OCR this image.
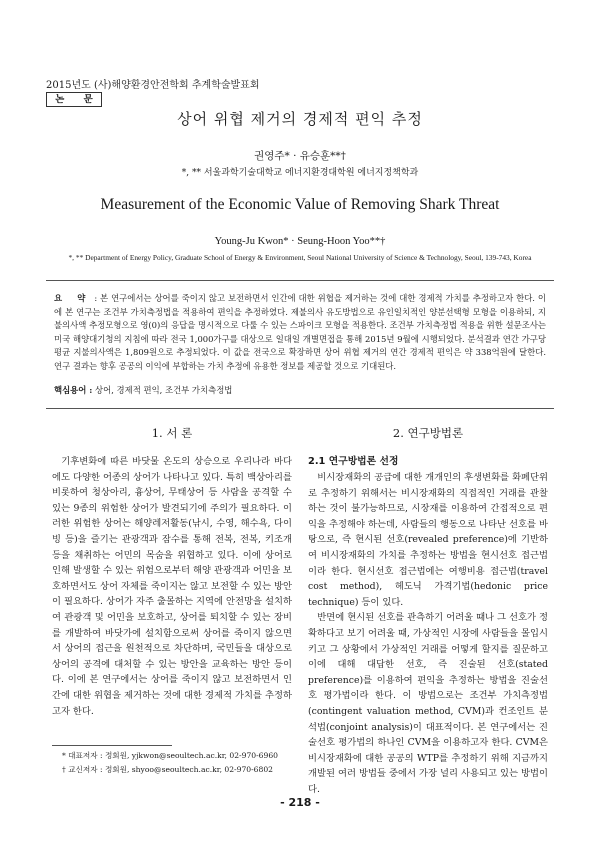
2015년도 (사)해양환경안전학회 추계학술발표회
논 문
상어 위협 제거의 경제적 편익 추정
권영주* · 유승훈**†
*, ** 서울과학기술대학교 에너지환경대학원 에너지정책학과
Measurement of the Economic Value of Removing Shark Threat
Young-Ju Kwon* · Seung-Hoon Yoo**†
*, ** Department of Energy Policy, Graduate School of Energy & Environment, Seoul National University of Science & Technology, Seoul, 139-743, Korea
요 약 : 본 연구에서는 상어를 죽이지 않고 보전하면서 인간에 대한 위협을 제거하는 것에 대한 경제적 가치를 추정하고자 한다. 이에 본 연구는 조건부 가치측정법을 적용하여 편익을 추정하였다. 제불의사 유도방법으로 유인일치적인 양분선택형 모형을 이용하되, 지불의사액 추정모형으로 영(0)의 응답을 명시적으로 다룰 수 있는 스파이크 모형을 적용한다. 조건부 가치측정법 적용을 위한 설문조사는 미국 해양대기청의 지침에 따라 전국 1,000가구를 대상으로 일대일 개별면접을 통해 2015년 9월에 시행되었다. 분석결과 연간 가구당 평균 지불의사액은 1,809원으로 추정되었다. 이 값을 전국으로 확장하면 상어 위협 제거의 연간 경제적 편익은 약 338억원에 달한다. 연구 결과는 향후 공공의 이익에 부합하는 가치 추정에 유용한 정보를 제공할 것으로 기대된다.
핵심용어 : 상어, 경제적 편익, 조건부 가치측정법
1. 서 론	2. 연구방법론

기후변화에 따른 바닷물 온도의 상승으로 우리나라 바다에도 다양한 어종의 상어가 나타나고 있다. 특히 백상아리를 비롯하여 청상아리, 흉상어, 무태상어 등 사람을 공격할 수 있는 9종의 위험한 상어가 발견되기에 주의가 필요하다. 이러한 위험한 상어는 해양레저활동(낚시, 수영, 해수욕, 다이빙 등)을 즐기는 관광객과 잠수를 통해 전복, 전복, 키조개 등을 채취하는 어민의 목숨을 위협하고 있다. 이에 상어로 인해 발생할 수 있는 위험으로부터 해양 관광객과 어민을 보호하면서도 상어 자체를 죽이지는 않고 보전할 수 있는 방안이 필요하다. 상어가 자주 출몰하는 지역에 안전망을 설치하여 관광객 및 어민을 보호하고, 상어를 퇴치할 수 있는 장비를 개발하여 바닷가에 설치함으로써 상어를 죽이지 않으면서 상어의 접근을 원천적으로 차단하며, 국민들을 대상으로 상어의 공격에 대처할 수 있는 방안을 교육하는 방안 등이다. 이에 본 연구에서는 상어를 죽이지 않고 보전하면서 인간에 대한 위협을 제거하는 것에 대한 경제적 가치를 추정하고자 한다.

2.1 연구방법론 선정

비시장재화의 공급에 대한 개개인의 후생변화를 화폐단위로 추정하기 위해서는 비시장재화의 직접적인 거래를 관찰하는 것이 불가능하므로, 시장재를 이용하여 간접적으로 편익을 추정해야 하는데, 사람들의 행동으로 나타난 선호를 바탕으로, 즉 현시된 선호(revealed preference)에 기반하여 비시장재화의 가치를 추정하는 방법을 현시선호 접근법이라 한다. 현시선호 접근법에는 여행비용 접근법(travel cost method), 헤도닉 가격기법(hedonic price technique) 등이 있다.

반면에 현시된 선호를 관측하기 어려울 때나 그 선호가 정확하다고 보기 어려울 때, 가상적인 시장에 사람들을 몰입시키고 그 상황에서 가상적인 거래를 어떻게 할지를 질문하고 이에 대해 대답한 선호, 즉 진술된 선호(stated preference)를 이용하여 편익을 추정하는 방법을 진술선호 평가법이라 한다. 이 방법으로는 조건부 가치측정법(contingent valuation method, CVM)과 컨조인트 분석법(conjoint analysis)이 대표적이다. 본 연구에서는 진술선호 평가법의 하나인 CVM을 이용하고자 한다. CVM은 비시장재화에 대한 공공의 WTP를 추정하기 위해 지금까지 개발된 여러 방법들 중에서 가장 널리 사용되고 있는 방법이다.

* 대표저자 : 정회원, yjkwon@seoultech.ac.kr, 02-970-6960
† 교신저자 : 정회원, shyoo@seoultech.ac.kr, 02-970-6802
- 218 -
